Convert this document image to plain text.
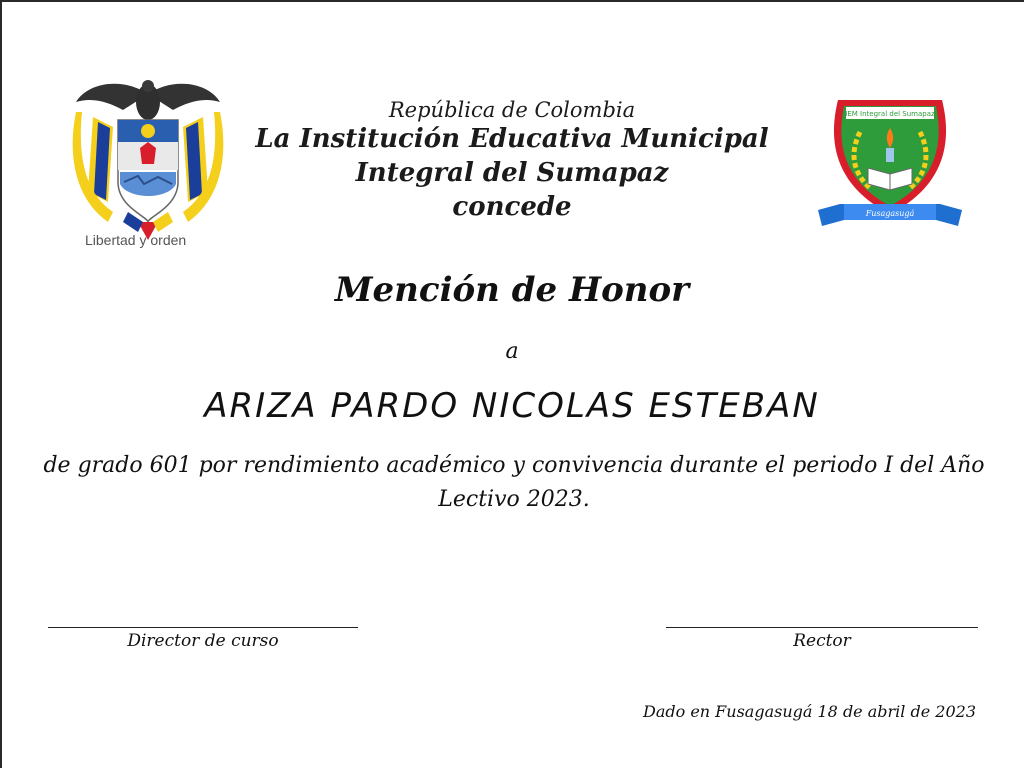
Libertad y orden
IEM Integral del Sumapaz
Fusagasugá
República de Colombia
La Institución Educativa Municipal
Integral del Sumapaz
concede
Mención de Honor
a
ARIZA PARDO NICOLAS ESTEBAN
de grado 601 por rendimiento académico y convivencia durante el periodo I del Año
Lectivo 2023.
Director de curso	Rector
Dado en Fusagasugá 18 de abril de 2023
